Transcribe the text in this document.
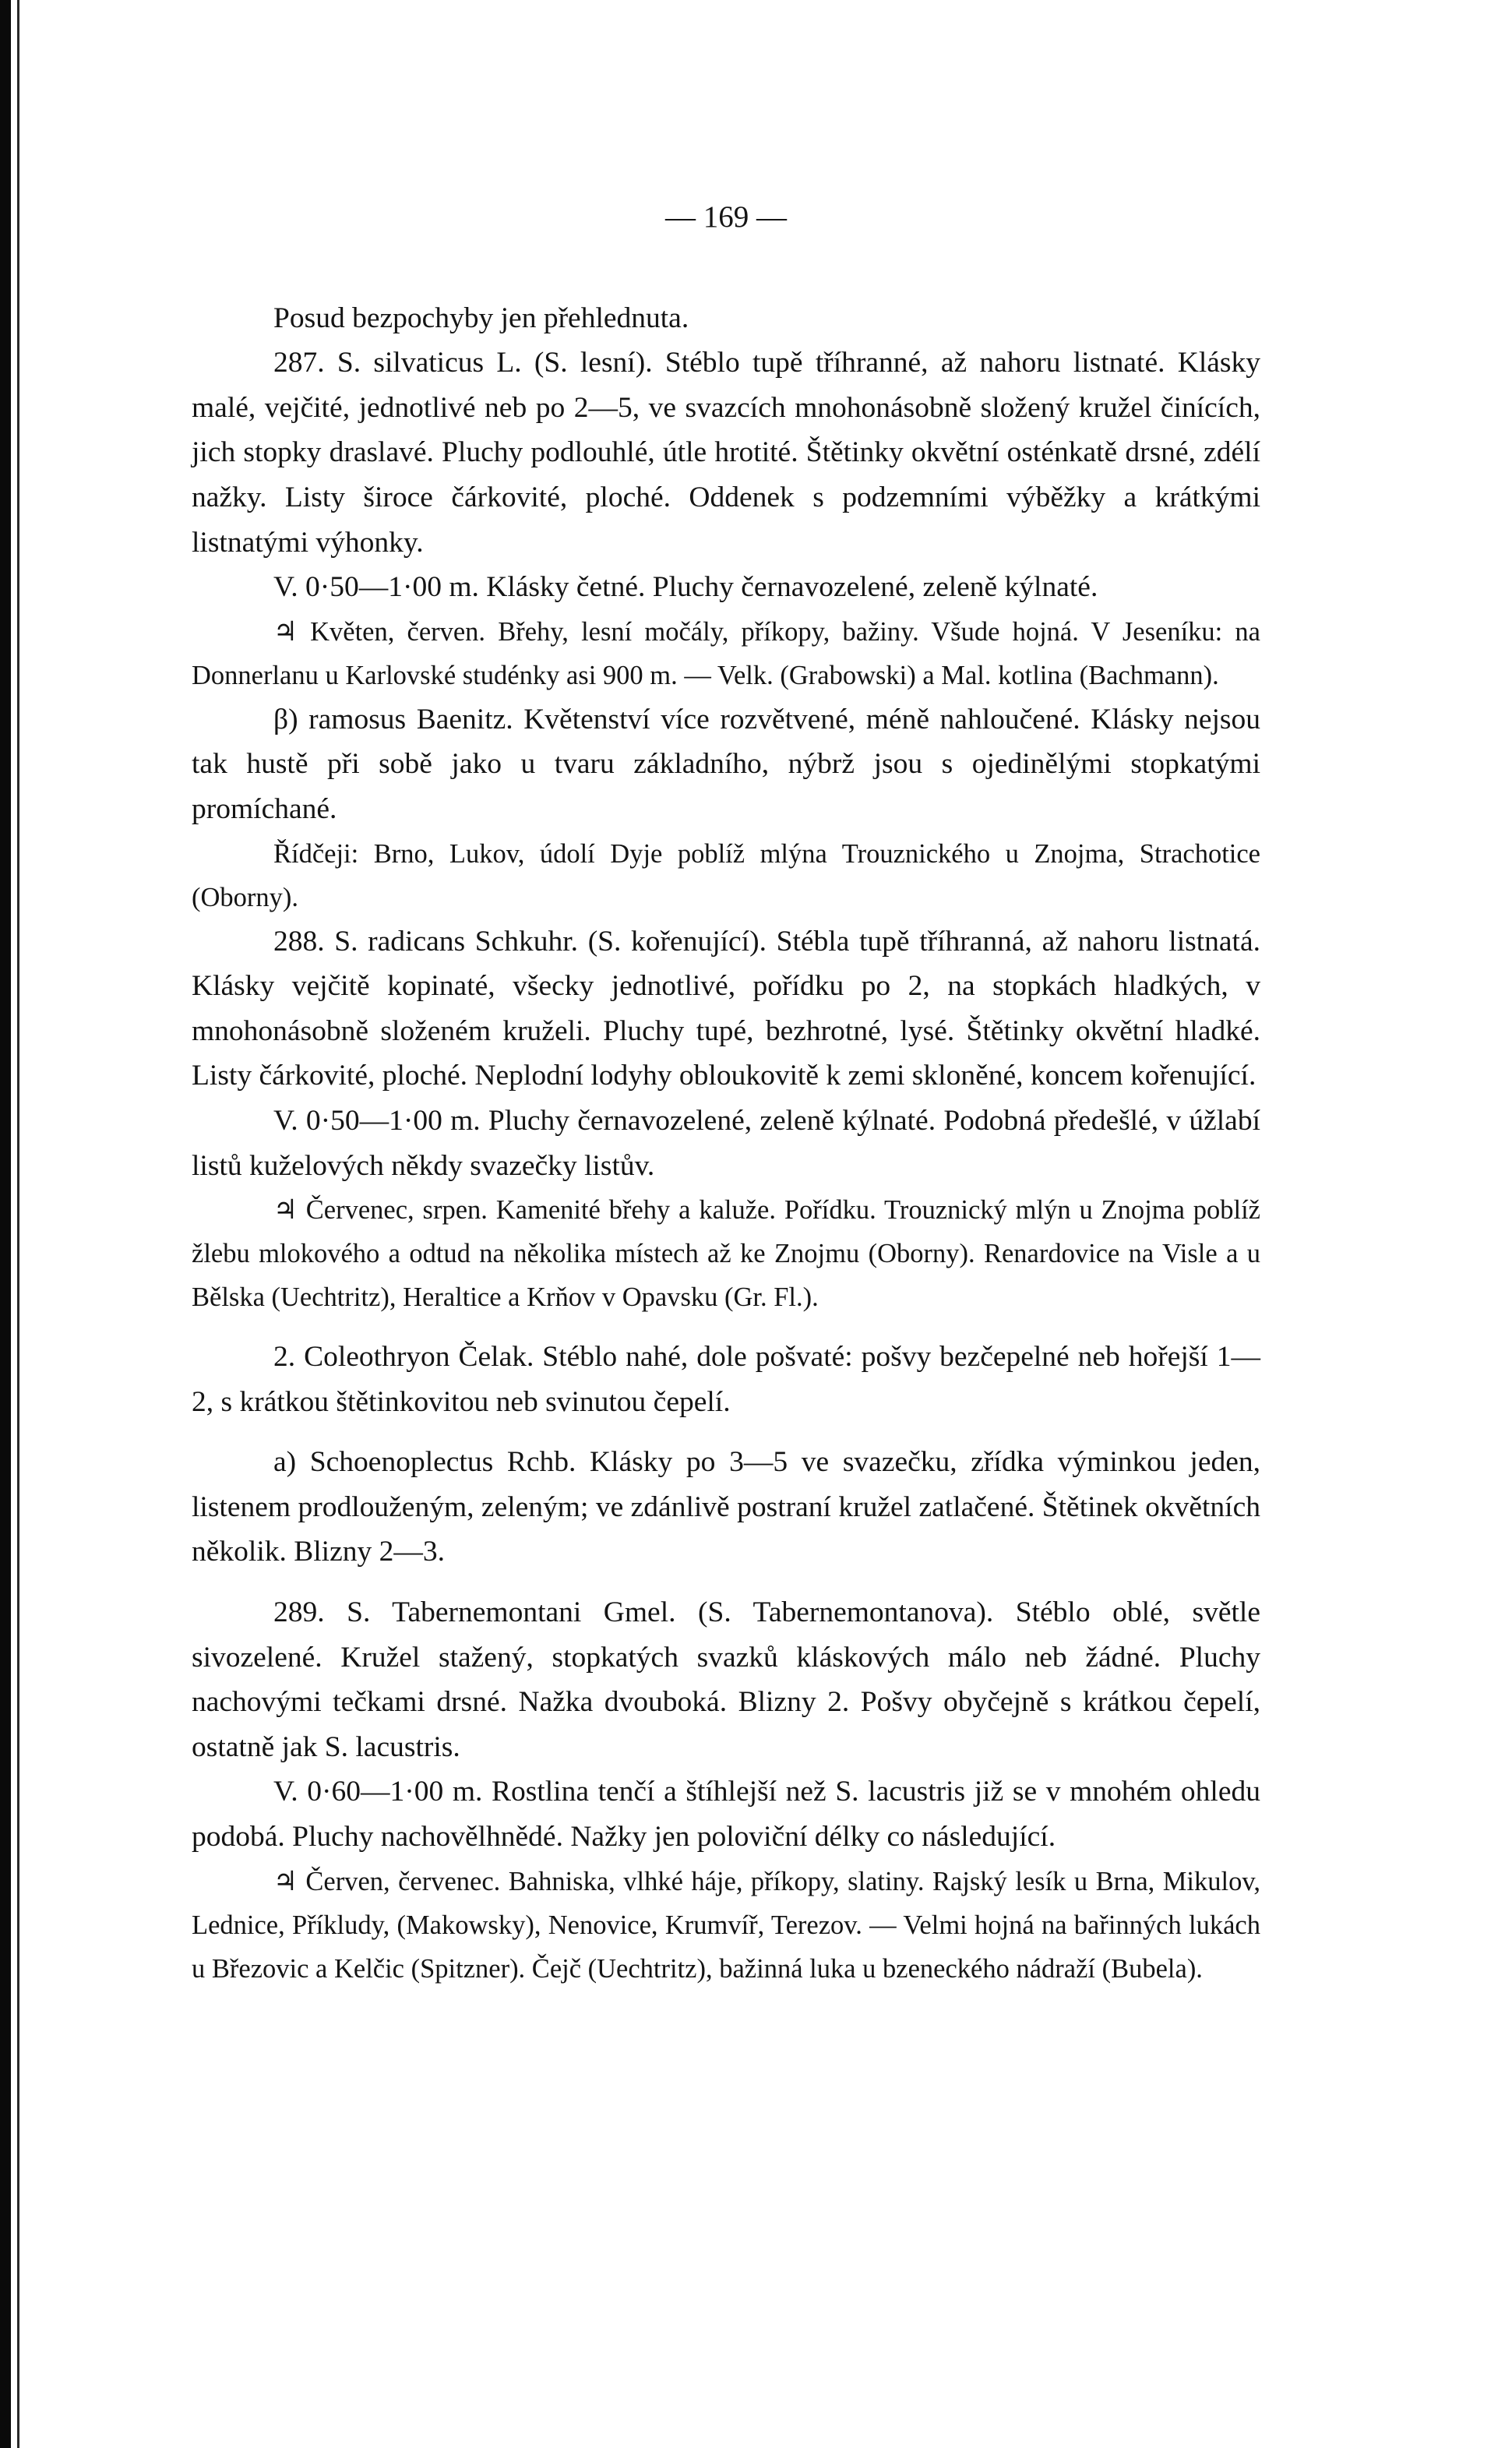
— 169 —

Posud bezpochyby jen přehlednuta.

287. S. silvaticus L. (S. lesní). Stéblo tupě tříhranné, až nahoru listnaté. Klásky malé, vejčité, jednotlivé neb po 2—5, ve svazcích mnohonásobně složený kružel činících, jich stopky draslavé. Pluchy podlouhlé, útle hrotité. Štětinky okvětní osténkatě drsné, zdélí nažky. Listy široce čárkovité, ploché. Oddenek s podzemními výběžky a krátkými listnatými výhonky.

V. 0·50—1·00 m. Klásky četné. Pluchy černavozelené, zeleně kýlnaté.

♃ Květen, červen. Břehy, lesní močály, příkopy, bažiny. Všude hojná. V Jeseníku: na Donnerlanu u Karlovské studénky asi 900 m. — Velk. (Grabowski) a Mal. kotlina (Bachmann).

β) ramosus Baenitz. Květenství více rozvětvené, méně nahloučené. Klásky nejsou tak hustě při sobě jako u tvaru základního, nýbrž jsou s ojedinělými stopkatými promíchané.

Řídčeji: Brno, Lukov, údolí Dyje poblíž mlýna Trouznického u Znojma, Strachotice (Oborny).

288. S. radicans Schkuhr. (S. kořenující). Stébla tupě tříhranná, až nahoru listnatá. Klásky vejčitě kopinaté, všecky jednotlivé, pořídku po 2, na stopkách hladkých, v mnohonásobně složeném kruželi. Pluchy tupé, bezhrotné, lysé. Štětinky okvětní hladké. Listy čárkovité, ploché. Neplodní lodyhy obloukovitě k zemi skloněné, koncem kořenující.

V. 0·50—1·00 m. Pluchy černavozelené, zeleně kýlnaté. Podobná předešlé, v úžlabí listů kuželových někdy svazečky listův.

♃ Červenec, srpen. Kamenité břehy a kaluže. Pořídku. Trouznický mlýn u Znojma poblíž žlebu mlokového a odtud na několika místech až ke Znojmu (Oborny). Renardovice na Visle a u Bělska (Uechtritz), Heraltice a Krňov v Opavsku (Gr. Fl.).

2. Coleothryon Čelak. Stéblo nahé, dole pošvaté: pošvy bezčepelné neb hořejší 1—2, s krátkou štětinkovitou neb svinutou čepelí.

a) Schoenoplectus Rchb. Klásky po 3—5 ve svazečku, zřídka výminkou jeden, listenem prodlouženým, zeleným; ve zdánlivě postraní kružel zatlačené. Štětinek okvětních několik. Blizny 2—3.

289. S. Tabernemontani Gmel. (S. Tabernemontanova). Stéblo oblé, světle sivozelené. Kružel stažený, stopkatých svazků kláskových málo neb žádné. Pluchy nachovými tečkami drsné. Nažka dvouboká. Blizny 2. Pošvy obyčejně s krátkou čepelí, ostatně jak S. lacustris.

V. 0·60—1·00 m. Rostlina tenčí a štíhlejší než S. lacustris již se v mnohém ohledu podobá. Pluchy nachovělhnědé. Nažky jen poloviční délky co následující.

♃ Červen, červenec. Bahniska, vlhké háje, příkopy, slatiny. Rajský lesík u Brna, Mikulov, Lednice, Příkludy, (Makowsky), Nenovice, Krumvíř, Terezov. — Velmi hojná na bařinných lukách u Březovic a Kelčic (Spitzner). Čejč (Uechtritz), bažinná luka u bzeneckého nádraží (Bubela).
